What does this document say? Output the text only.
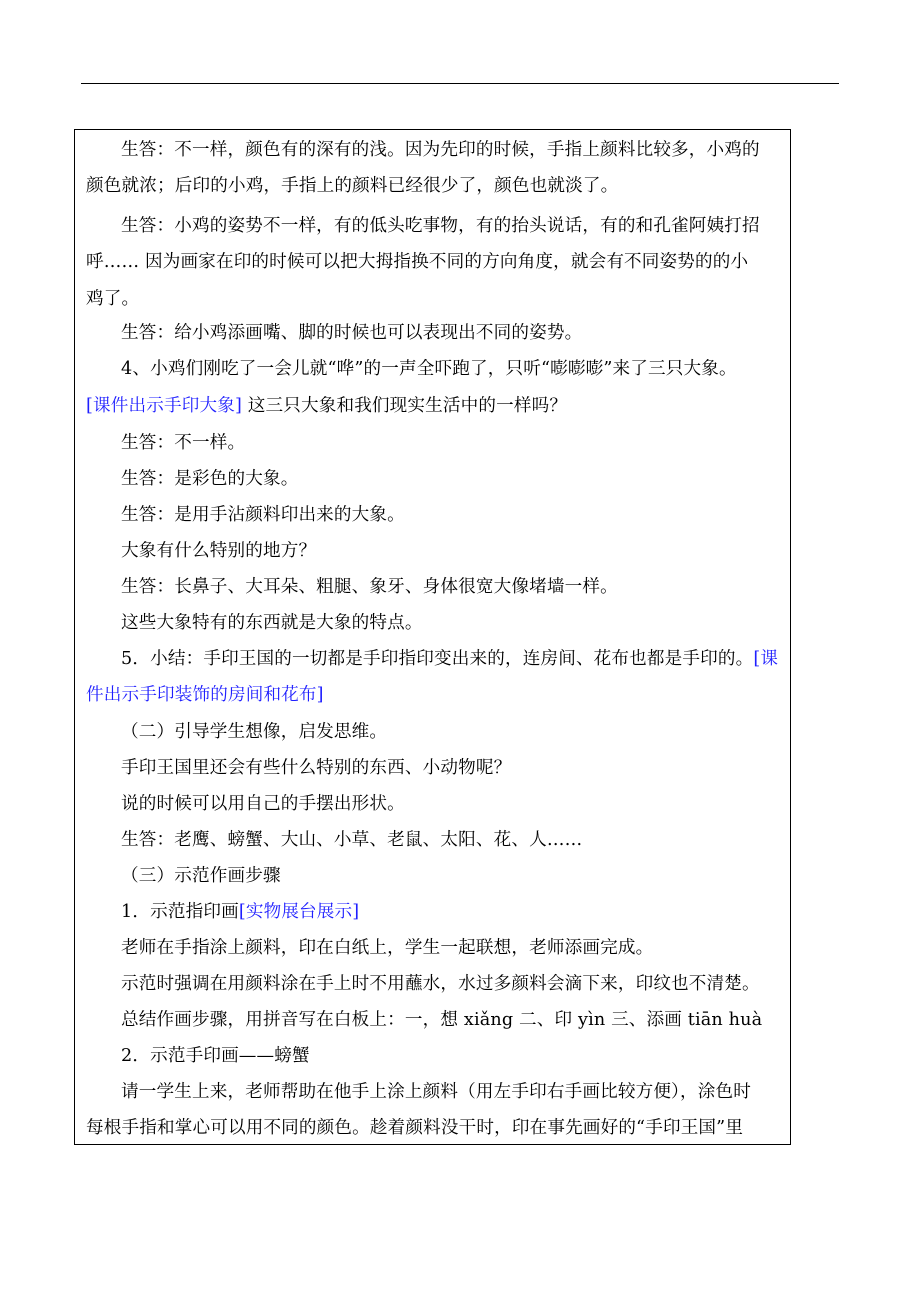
生答：不一样，颜色有的深有的浅。因为先印的时候，手指上颜料比较多，小鸡的
颜色就浓；后印的小鸡，手指上的颜料已经很少了，颜色也就淡了。
生答：小鸡的姿势不一样，有的低头吃事物，有的抬头说话，有的和孔雀阿姨打招
呼…… 因为画家在印的时候可以把大拇指换不同的方向角度，就会有不同姿势的的小
鸡了。
生答：给小鸡添画嘴、脚的时候也可以表现出不同的姿势。
4、小鸡们刚吃了一会儿就“哗”的一声全吓跑了，只听“嘭嘭嘭”来了三只大象。
[课件出示手印大象] 这三只大象和我们现实生活中的一样吗？
生答：不一样。
生答：是彩色的大象。
生答：是用手沾颜料印出来的大象。
大象有什么特别的地方？
生答：长鼻子、大耳朵、粗腿、象牙、身体很宽大像堵墙一样。
这些大象特有的东西就是大象的特点。
5．小结：手印王国的一切都是手印指印变出来的，连房间、花布也都是手印的。[课
件出示手印装饰的房间和花布]
（二）引导学生想像，启发思维。
手印王国里还会有些什么特别的东西、小动物呢？
说的时候可以用自己的手摆出形状。
生答：老鹰、螃蟹、大山、小草、老鼠、太阳、花、人……
（三）示范作画步骤
1．示范指印画[实物展台展示]
老师在手指涂上颜料，印在白纸上，学生一起联想，老师添画完成。
示范时强调在用颜料涂在手上时不用蘸水，水过多颜料会滴下来，印纹也不清楚。
总结作画步骤，用拼音写在白板上：一，想 xiǎng 二、印 yìn 三、添画 tiān huà
2．示范手印画——螃蟹
请一学生上来，老师帮助在他手上涂上颜料（用左手印右手画比较方便），涂色时
每根手指和掌心可以用不同的颜色。趁着颜料没干时，印在事先画好的“手印王国”里
